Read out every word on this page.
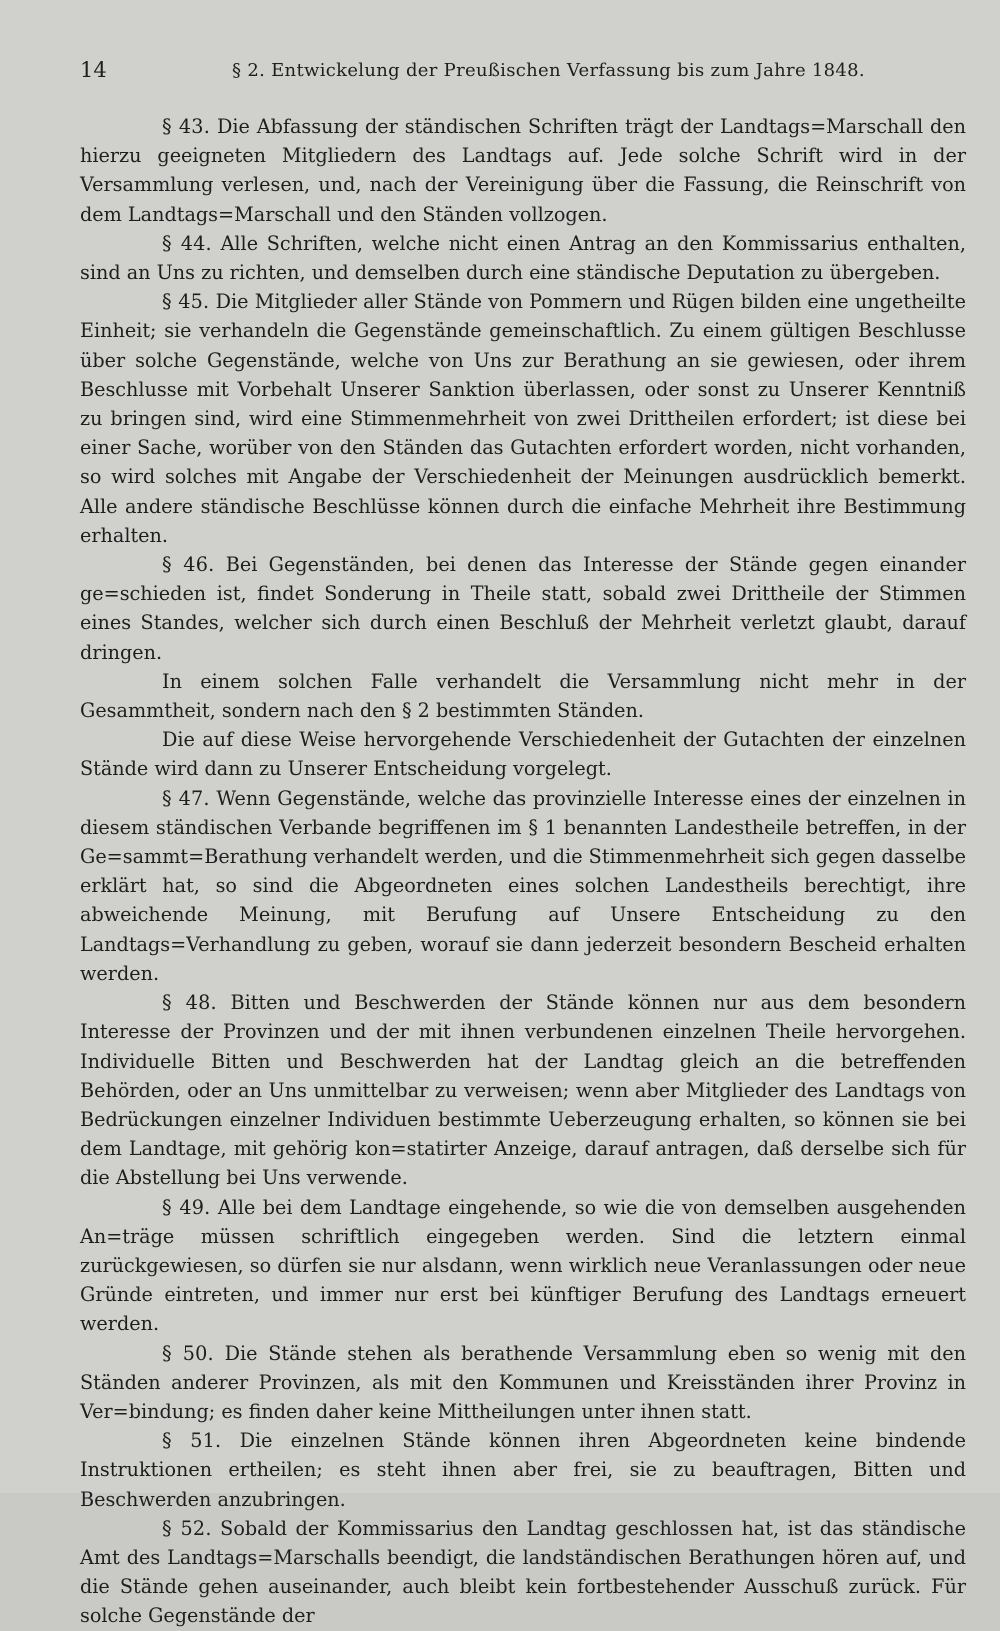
14	§ 2. Entwickelung der Preußischen Verfassung bis zum Jahre 1848.

§ 43. Die Abfassung der ständischen Schriften trägt der Landtags=Marschall den hierzu geeigneten Mitgliedern des Landtags auf. Jede solche Schrift wird in der Versammlung verlesen, und, nach der Vereinigung über die Fassung, die Reinschrift von dem Landtags=Marschall und den Ständen vollzogen.

§ 44. Alle Schriften, welche nicht einen Antrag an den Kommissarius enthalten, sind an Uns zu richten, und demselben durch eine ständische Deputation zu übergeben.

§ 45. Die Mitglieder aller Stände von Pommern und Rügen bilden eine ungetheilte Einheit; sie verhandeln die Gegenstände gemeinschaftlich. Zu einem gültigen Beschlusse über solche Gegenstände, welche von Uns zur Berathung an sie gewiesen, oder ihrem Beschlusse mit Vorbehalt Unserer Sanktion überlassen, oder sonst zu Unserer Kenntniß zu bringen sind, wird eine Stimmenmehrheit von zwei Drittheilen erfordert; ist diese bei einer Sache, worüber von den Ständen das Gutachten erfordert worden, nicht vorhanden, so wird solches mit Angabe der Verschiedenheit der Meinungen ausdrücklich bemerkt. Alle andere ständische Beschlüsse können durch die einfache Mehrheit ihre Bestimmung erhalten.

§ 46. Bei Gegenständen, bei denen das Interesse der Stände gegen einander ge=schieden ist, findet Sonderung in Theile statt, sobald zwei Drittheile der Stimmen eines Standes, welcher sich durch einen Beschluß der Mehrheit verletzt glaubt, darauf dringen.

In einem solchen Falle verhandelt die Versammlung nicht mehr in der Gesammtheit, sondern nach den § 2 bestimmten Ständen.

Die auf diese Weise hervorgehende Verschiedenheit der Gutachten der einzelnen Stände wird dann zu Unserer Entscheidung vorgelegt.

§ 47. Wenn Gegenstände, welche das provinzielle Interesse eines der einzelnen in diesem ständischen Verbande begriffenen im § 1 benannten Landestheile betreffen, in der Ge=sammt=Berathung verhandelt werden, und die Stimmenmehrheit sich gegen dasselbe erklärt hat, so sind die Abgeordneten eines solchen Landestheils berechtigt, ihre abweichende Meinung, mit Berufung auf Unsere Entscheidung zu den Landtags=Verhandlung zu geben, worauf sie dann jederzeit besondern Bescheid erhalten werden.

§ 48. Bitten und Beschwerden der Stände können nur aus dem besondern Interesse der Provinzen und der mit ihnen verbundenen einzelnen Theile hervorgehen. Individuelle Bitten und Beschwerden hat der Landtag gleich an die betreffenden Behörden, oder an Uns unmittelbar zu verweisen; wenn aber Mitglieder des Landtags von Bedrückungen einzelner Individuen bestimmte Ueberzeugung erhalten, so können sie bei dem Landtage, mit gehörig kon=statirter Anzeige, darauf antragen, daß derselbe sich für die Abstellung bei Uns verwende.

§ 49. Alle bei dem Landtage eingehende, so wie die von demselben ausgehenden An=träge müssen schriftlich eingegeben werden. Sind die letztern einmal zurückgewiesen, so dürfen sie nur alsdann, wenn wirklich neue Veranlassungen oder neue Gründe eintreten, und immer nur erst bei künftiger Berufung des Landtags erneuert werden.

§ 50. Die Stände stehen als berathende Versammlung eben so wenig mit den Ständen anderer Provinzen, als mit den Kommunen und Kreisständen ihrer Provinz in Ver=bindung; es finden daher keine Mittheilungen unter ihnen statt.

§ 51. Die einzelnen Stände können ihren Abgeordneten keine bindende Instruktionen ertheilen; es steht ihnen aber frei, sie zu beauftragen, Bitten und Beschwerden anzubringen.

§ 52. Sobald der Kommissarius den Landtag geschlossen hat, ist das ständische Amt des Landtags=Marschalls beendigt, die landständischen Berathungen hören auf, und die Stände gehen auseinander, auch bleibt kein fortbestehender Ausschuß zurück. Für solche Gegenstände der
